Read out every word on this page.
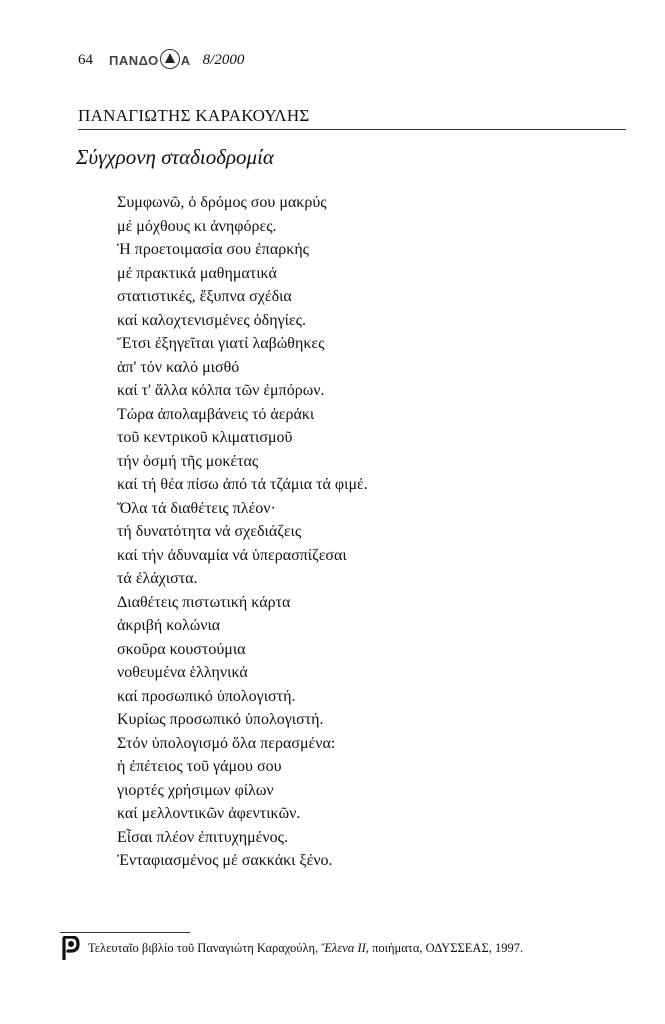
64 ΠΑΝΔΟ Α 8/2000
ΠΑΝΑΓΙΩΤΗΣ ΚΑΡΑΚΟΥΛΗΣ
Σύγχρονη σταδιοδρομία
Συμφωνῶ, ὁ δρόμος σου μακρύς
μέ μόχθους κι ἀνηφόρες.
Ἡ προετοιμασία σου ἐπαρκής
μέ πρακτικά μαθηματικά
στατιστικές, ἔξυπνα σχέδια
καί καλοχτενισμένες ὁδηγίες.
Ἔτσι ἐξηγεῖται γιατί λαβώθηκες
ἀπ' τόν καλό μισθό
καί τ' ἄλλα κόλπα τῶν ἐμπόρων.
Τώρα ἀπολαμβάνεις τό ἀεράκι
τοῦ κεντρικοῦ κλιματισμοῦ
τήν ὀσμή τῆς μοκέτας
καί τή θέα πίσω ἀπό τά τζάμια τά φιμέ.
Ὅλα τά διαθέτεις πλέον·
τή δυνατότητα νά σχεδιάζεις
καί τήν ἀδυναμία νά ὑπερασπίζεσαι
τά ἐλάχιστα.
Διαθέτεις πιστωτική κάρτα
ἀκριβή κολώνια
σκοῦρα κουστούμια
νοθευμένα ἑλληνικά
καί προσωπικό ὑπολογιστή.
Κυρίως προσωπικό ὑπολογιστή.
Στόν ὑπολογισμό ὅλα περασμένα:
ἡ ἐπέτειος τοῦ γάμου σου
γιορτές χρήσιμων φίλων
καί μελλοντικῶν ἀφεντικῶν.
Εἶσαι πλέον ἐπιτυχημένος.
Ἐνταφιασμένος μέ σακκάκι ξένο.
Τελευταῖο βιβλίο τοῦ Παναγιώτη Καραχούλη, Ἕλενα ΙΙ, ποιήματα, ΟΔΥΣΣΕΑΣ, 1997.
